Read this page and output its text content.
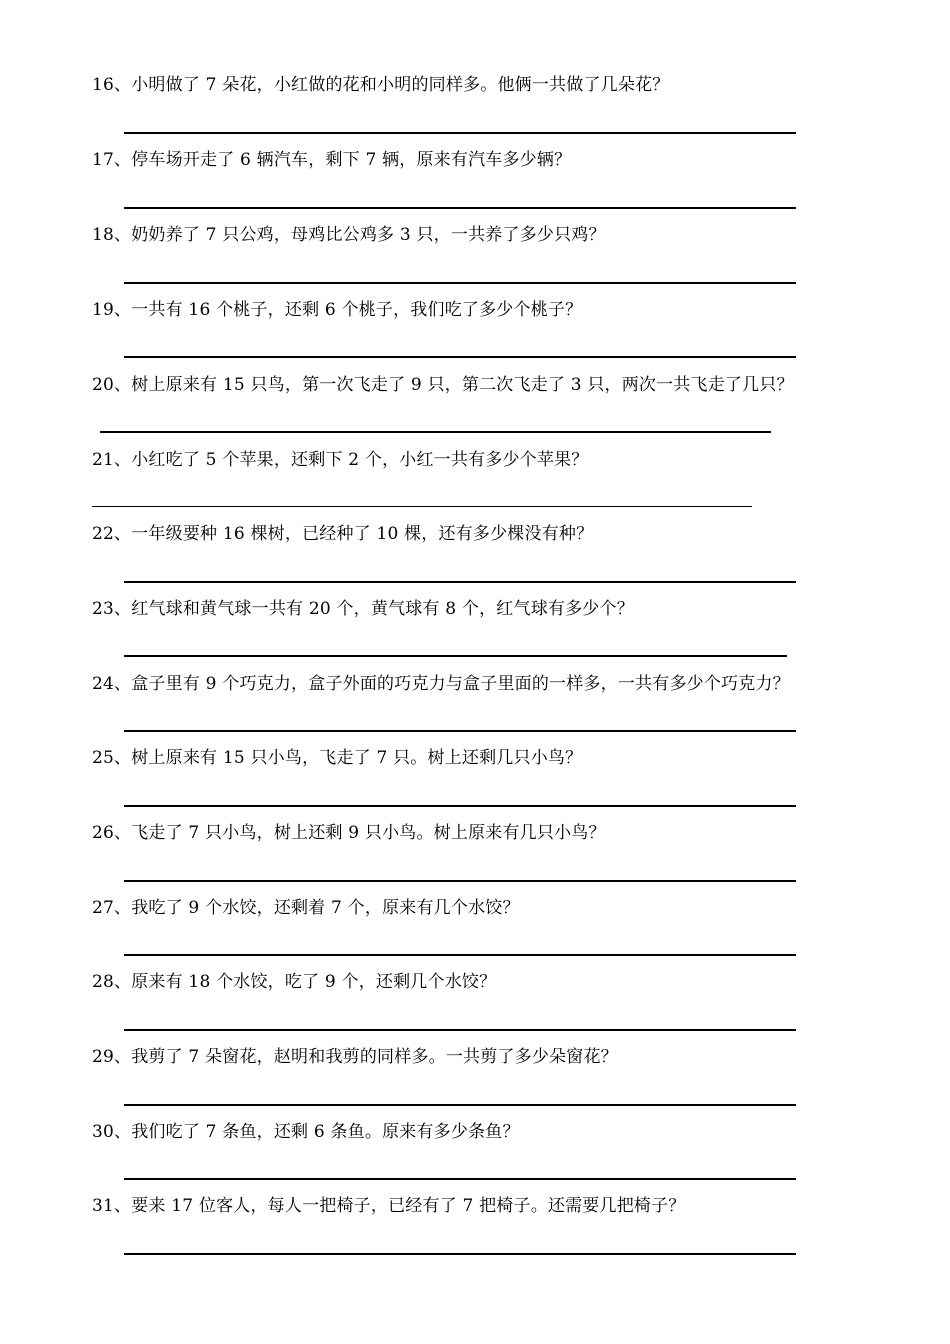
16、小明做了 7 朵花，小红做的花和小明的同样多。他俩一共做了几朵花？
17、停车场开走了 6 辆汽车，剩下 7 辆，原来有汽车多少辆？
18、奶奶养了 7 只公鸡，母鸡比公鸡多 3 只，一共养了多少只鸡？
19、一共有 16 个桃子，还剩 6 个桃子，我们吃了多少个桃子？
20、树上原来有 15 只鸟，第一次飞走了 9 只，第二次飞走了 3 只，两次一共飞走了几只？
21、小红吃了 5 个苹果，还剩下 2 个，小红一共有多少个苹果？
22、一年级要种 16 棵树，已经种了 10 棵，还有多少棵没有种？
23、红气球和黄气球一共有 20 个，黄气球有 8 个，红气球有多少个？
24、盒子里有 9 个巧克力，盒子外面的巧克力与盒子里面的一样多，一共有多少个巧克力？
25、树上原来有 15 只小鸟，飞走了 7 只。树上还剩几只小鸟？
26、飞走了 7 只小鸟，树上还剩 9 只小鸟。树上原来有几只小鸟？
27、我吃了 9 个水饺，还剩着 7 个，原来有几个水饺？
28、原来有 18 个水饺，吃了 9 个，还剩几个水饺？
29、我剪了 7 朵窗花，赵明和我剪的同样多。一共剪了多少朵窗花？
30、我们吃了 7 条鱼，还剩 6 条鱼。原来有多少条鱼？
31、要来 17 位客人，每人一把椅子，已经有了 7 把椅子。还需要几把椅子？
